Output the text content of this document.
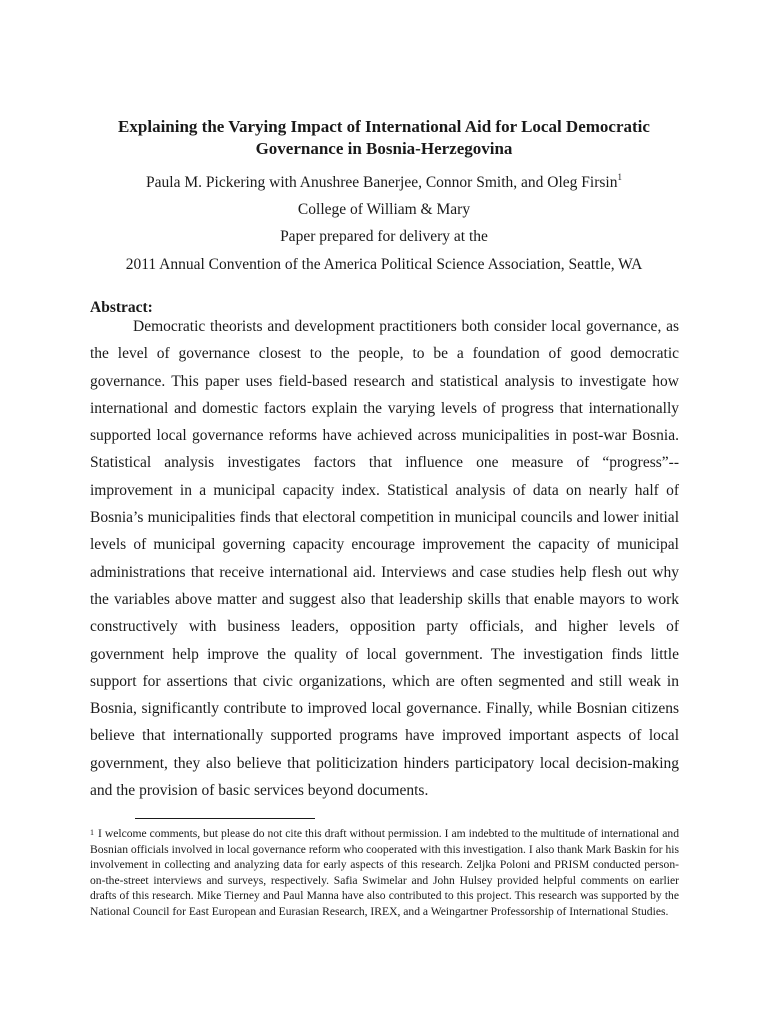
Explaining the Varying Impact of International Aid for Local Democratic
Governance in Bosnia-Herzegovina
Paula M. Pickering with Anushree Banerjee, Connor Smith, and Oleg Firsin$^1$
College of William & Mary
Paper prepared for delivery at the
2011 Annual Convention of the America Political Science Association, Seattle, WA
Abstract:

Democratic theorists and development practitioners both consider local governance, as the level of governance closest to the people, to be a foundation of good democratic governance. This paper uses field-based research and statistical analysis to investigate how international and domestic factors explain the varying levels of progress that internationally supported local governance reforms have achieved across municipalities in post-war Bosnia. Statistical analysis investigates factors that influence one measure of “progress”-- improvement in a municipal capacity index. Statistical analysis of data on nearly half of Bosnia’s municipalities finds that electoral competition in municipal councils and lower initial levels of municipal governing capacity encourage improvement the capacity of municipal administrations that receive international aid. Interviews and case studies help flesh out why the variables above matter and suggest also that leadership skills that enable mayors to work constructively with business leaders, opposition party officials, and higher levels of government help improve the quality of local government. The investigation finds little support for assertions that civic organizations, which are often segmented and still weak in Bosnia, significantly contribute to improved local governance. Finally, while Bosnian citizens believe that internationally supported programs have improved important aspects of local government, they also believe that politicization hinders participatory local decision-making and the provision of basic services beyond documents.

$^1$ I welcome comments, but please do not cite this draft without permission. I am indebted to the multitude of international and Bosnian officials involved in local governance reform who cooperated with this investigation. I also thank Mark Baskin for his involvement in collecting and analyzing data for early aspects of this research. Zeljka Poloni and PRISM conducted person-on-the-street interviews and surveys, respectively. Safia Swimelar and John Hulsey provided helpful comments on earlier drafts of this research. Mike Tierney and Paul Manna have also contributed to this project. This research was supported by the National Council for East European and Eurasian Research, IREX, and a Weingartner Professorship of International Studies.
